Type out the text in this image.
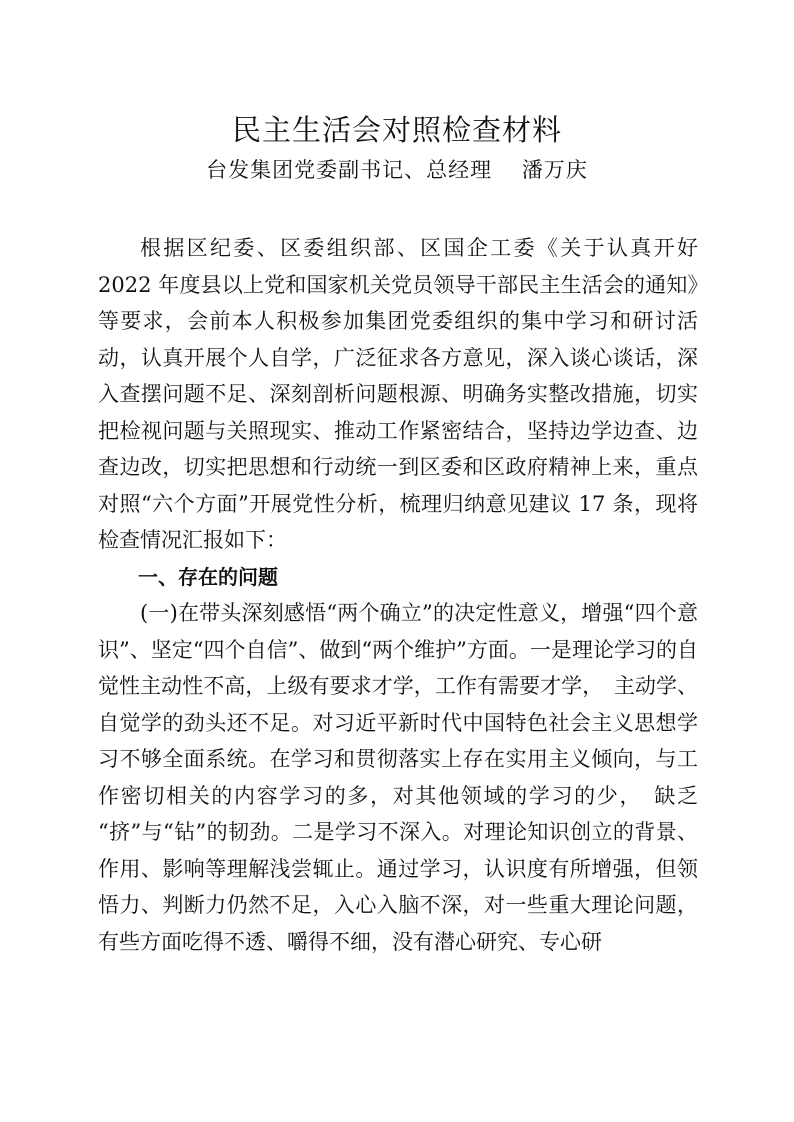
民主生活会对照检查材料
台发集团党委副书记、总经理　 潘万庆

根据区纪委、区委组织部、区国企工委《关于认真开好 2022 年度县以上党和国家机关党员领导干部民主生活会的通知》等要求，会前本人积极参加集团党委组织的集中学习和研讨活动，认真开展个人自学，广泛征求各方意见，深入谈心谈话，深入查摆问题不足、深刻剖析问题根源、明确务实整改措施，切实把检视问题与关照现实、推动工作紧密结合，坚持边学边查、边查边改，切实把思想和行动统一到区委和区政府精神上来，重点对照“六个方面”开展党性分析，梳理归纳意见建议 17 条，现将检查情况汇报如下：

一、存在的问题

(一)在带头深刻感悟“两个确立”的决定性意义，增强“四个意识”、坚定“四个自信”、做到“两个维护”方面。一是理论学习的自觉性主动性不高，上级有要求才学，工作有需要才学，　主动学、自觉学的劲头还不足。对习近平新时代中国特色社会主义思想学习不够全面系统。在学习和贯彻落实上存在实用主义倾向，与工作密切相关的内容学习的多，对其他领域的学习的少，　缺乏 “挤”与“钻”的韧劲。二是学习不深入。对理论知识创立的背景、作用、影响等理解浅尝辄止。通过学习，认识度有所增强，但领悟力、判断力仍然不足，入心入脑不深，对一些重大理论问题，有些方面吃得不透、嚼得不细，没有潜心研究、专心研
